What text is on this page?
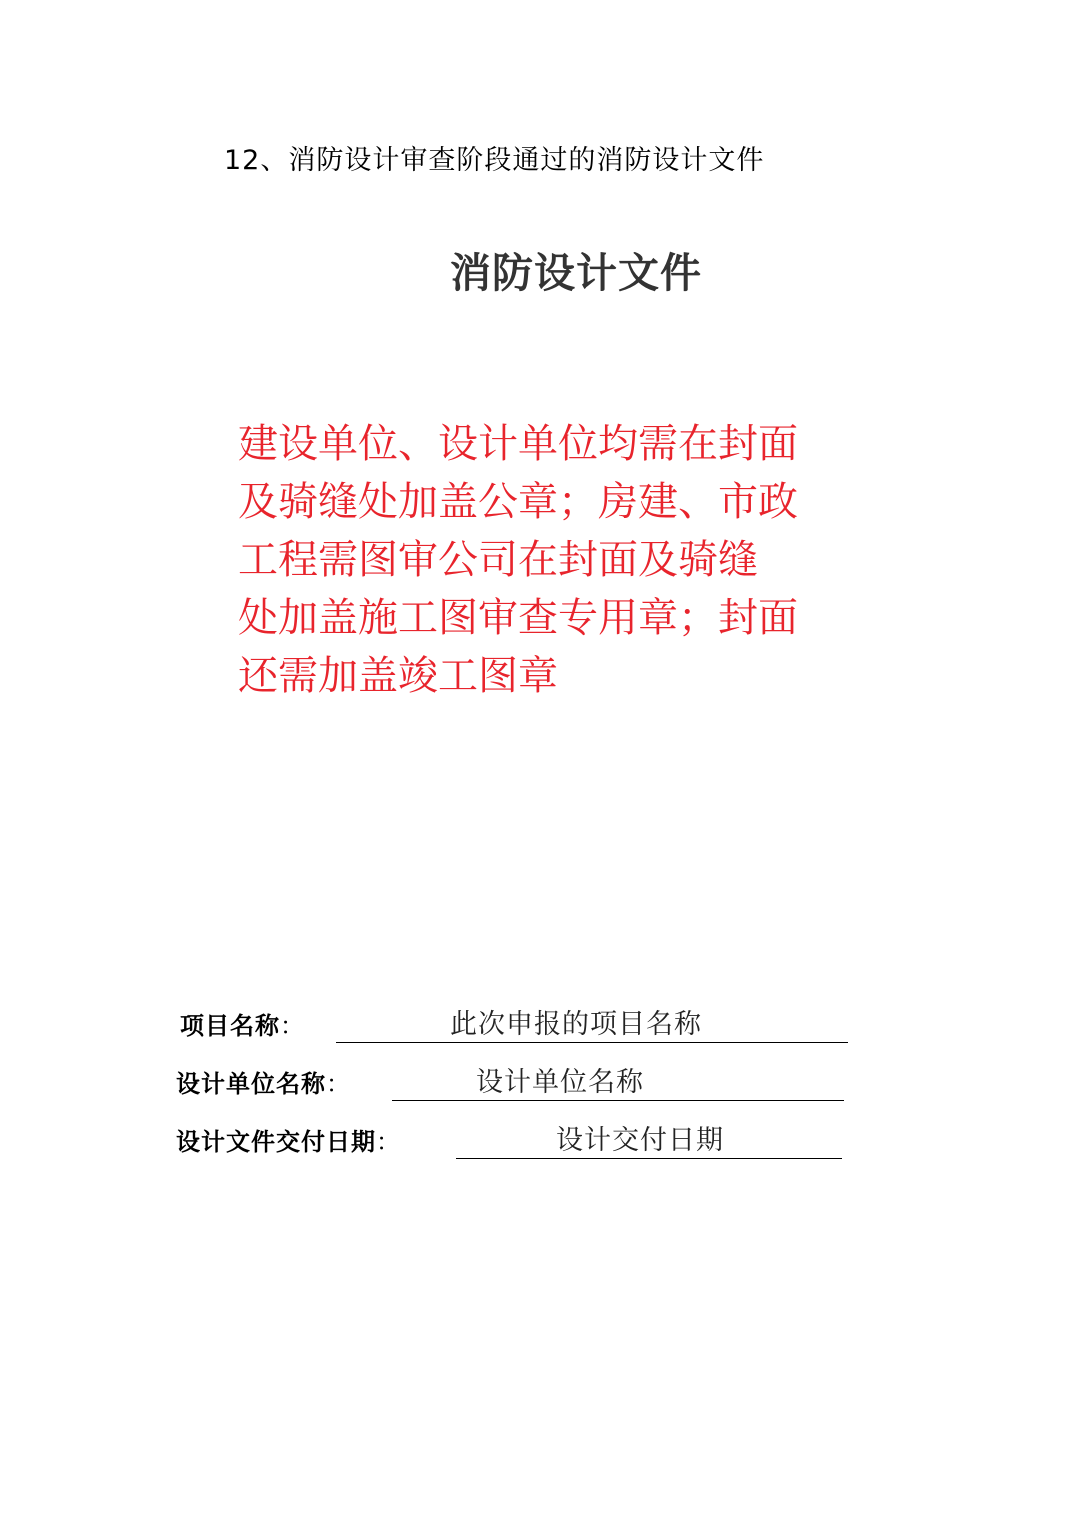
12、消防设计审查阶段通过的消防设计文件
消防设计文件
建设单位、设计单位均需在封面
及骑缝处加盖公章；房建、市政
工程需图审公司在封面及骑缝
处加盖施工图审查专用章；封面
还需加盖竣工图章
项目名称：	此次申报的项目名称
设计单位名称：	设计单位名称
设计文件交付日期：	设计交付日期
